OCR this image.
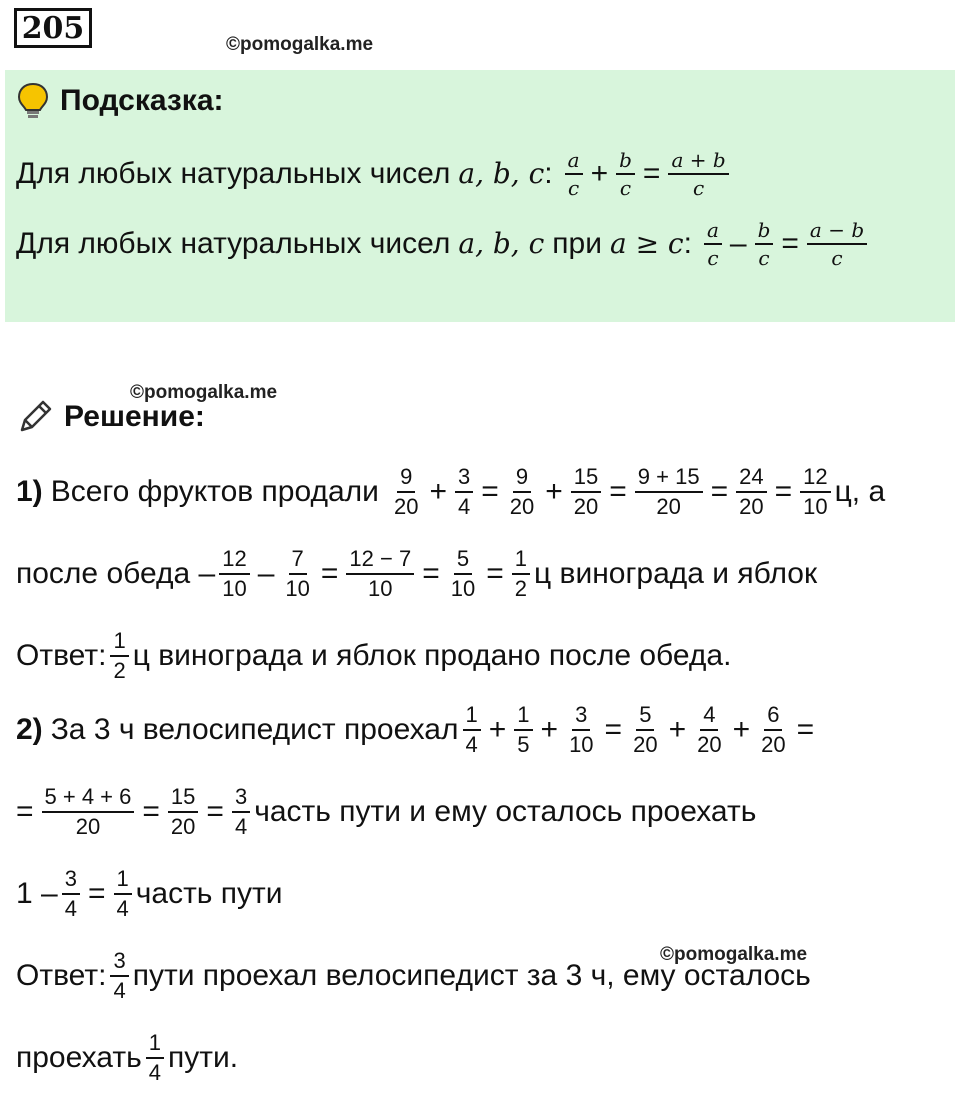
205	©pomogalka.me
Подсказка:
Для любых натуральных чисел a, b, c : $\frac{a}{c} + \frac{b}{c} = \frac{a + b}{c}$
Для любых натуральных чисел a, b, c при a ≥ c : $\frac{a}{c} - \frac{b}{c} = \frac{a - b}{c}$
©pomogalka.me
Решение:
1) Всего фруктов продали $\frac{9}{20} + \frac{3}{4} = \frac{9}{20} + \frac{15}{20} = \frac{9 + 15}{20} = \frac{24}{20} = \frac{12}{10} ц$, а
после обеда – $\frac{12}{10} - \frac{7}{10} = \frac{12 - 7}{10} = \frac{5}{10} = \frac{1}{2}$ ц винограда и яблок
Ответ: $\frac{1}{2}$ ц винограда и яблок продано после обеда.
2) За 3 ч велосипедист проехал $\frac{1}{4} + \frac{1}{5} + \frac{3}{10} = \frac{5}{20} + \frac{4}{20} + \frac{6}{20}$ =
= $\frac{5 + 4 + 6}{20} = \frac{15}{20} = \frac{3}{4}$ часть пути и ему осталось проехать
$1 - \frac{3}{4} = \frac{1}{4}$ часть пути
©pomogalka.me
Ответ: $\frac{3}{4}$ пути проехал велосипедист за 3 ч, ему осталось
проехать $\frac{1}{4}$ пути.
